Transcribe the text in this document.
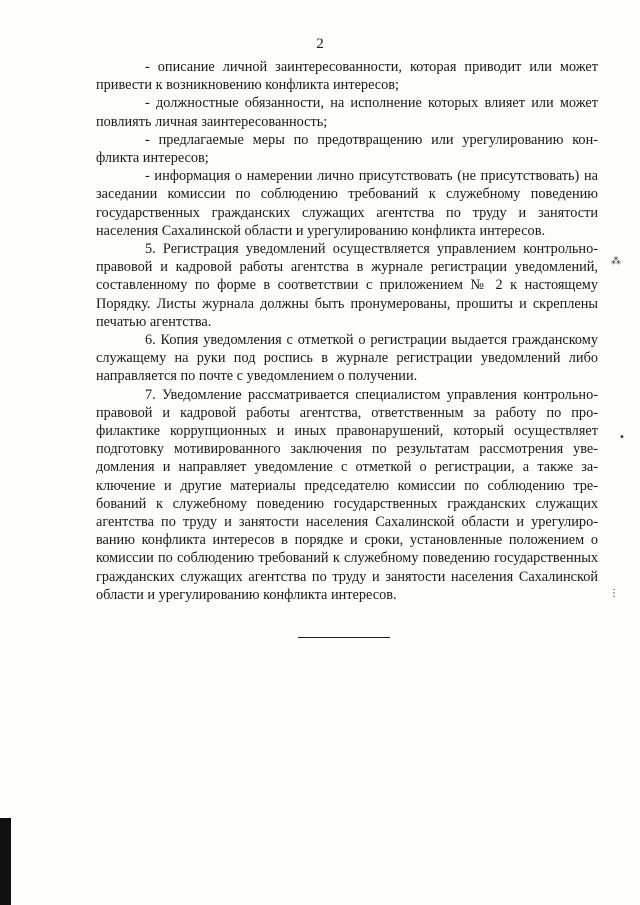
2

- описание личной заинтересованности, которая приводит или может привести к возникновению конфликта интересов;

- должностные обязанности, на исполнение которых влияет или может повлиять личная заинтересованность;

- предлагаемые меры по предотвращению или урегулированию конфликта интересов;

- информация о намерении лично присутствовать (не присутствовать) на заседании комиссии по соблюдению требований к служебному поведению государственных гражданских служащих агентства по труду и занятости населения Сахалинской области и урегулированию конфликта интересов.

5. Регистрация уведомлений осуществляется управлением контрольно-правовой и кадровой работы агентства в журнале регистрации уведомлений, составленному по форме в соответствии с приложением № 2 к настоящему Порядку. Листы журнала должны быть пронумерованы, прошиты и скреплены печатью агентства.

6. Копия уведомления с отметкой о регистрации выдается гражданскому служащему на руки под роспись в журнале регистрации уведомлений либо направляется по почте с уведомлением о получении.

7. Уведомление рассматривается специалистом управления контрольно-правовой и кадровой работы агентства, ответственным за работу по профилактике коррупционных и иных правонарушений, который осуществляет подготовку мотивированного заключения по результатам рассмотрения уведомления и направляет уведомление с отметкой о регистрации, а также заключение и другие материалы председателю комиссии по соблюдению требований к служебному поведению государственных гражданских служащих агентства по труду и занятости населения Сахалинской области и урегулированию конфликта интересов в порядке и сроки, установленные положением о комиссии по соблюдению требований к служебному поведению государственных гражданских служащих агентства по труду и занятости населения Сахалинской области и урегулированию конфликта интересов.

⁂
•
⋮
